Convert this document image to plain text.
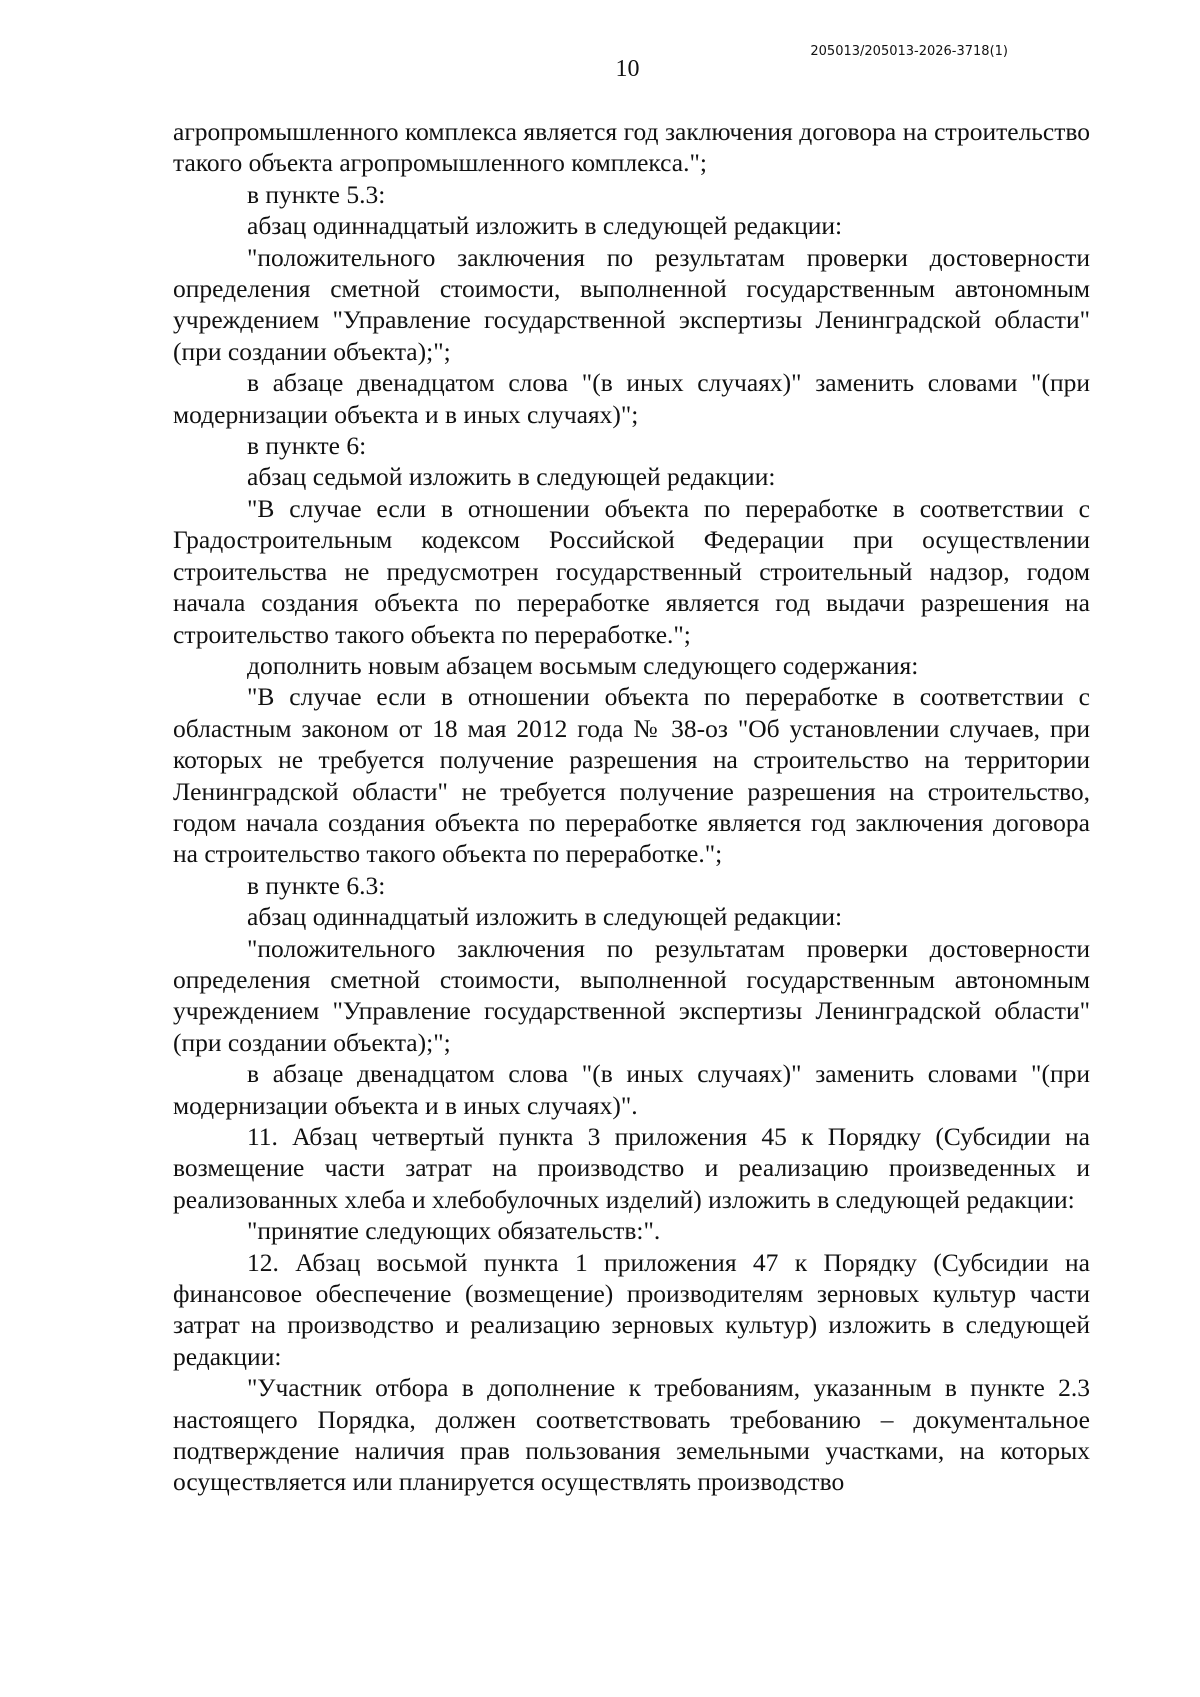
205013/205013-2026-3718(1)
10

агропромышленного комплекса является год заключения договора на строительство такого объекта агропромышленного комплекса.";

в пункте 5.3:

абзац одиннадцатый изложить в следующей редакции:

"положительного заключения по результатам проверки достоверности определения сметной стоимости, выполненной государственным автономным учреждением "Управление государственной экспертизы Ленинградской области" (при создании объекта);";

в абзаце двенадцатом слова "(в иных случаях)" заменить словами "(при модернизации объекта и в иных случаях)";

в пункте 6:

абзац седьмой изложить в следующей редакции:

"В случае если в отношении объекта по переработке в соответствии с Градостроительным кодексом Российской Федерации при осуществлении строительства не предусмотрен государственный строительный надзор, годом начала создания объекта по переработке является год выдачи разрешения на строительство такого объекта по переработке.";

дополнить новым абзацем восьмым следующего содержания:

"В случае если в отношении объекта по переработке в соответствии с областным законом от 18 мая 2012 года № 38-оз "Об установлении случаев, при которых не требуется получение разрешения на строительство на территории Ленинградской области" не требуется получение разрешения на строительство, годом начала создания объекта по переработке является год заключения договора на строительство такого объекта по переработке.";

в пункте 6.3:

абзац одиннадцатый изложить в следующей редакции:

"положительного заключения по результатам проверки достоверности определения сметной стоимости, выполненной государственным автономным учреждением "Управление государственной экспертизы Ленинградской области" (при создании объекта);";

в абзаце двенадцатом слова "(в иных случаях)" заменить словами "(при модернизации объекта и в иных случаях)".

11. Абзац четвертый пункта 3 приложения 45 к Порядку (Субсидии на возмещение части затрат на производство и реализацию произведенных и реализованных хлеба и хлебобулочных изделий) изложить в следующей редакции:

"принятие следующих обязательств:".

12. Абзац восьмой пункта 1 приложения 47 к Порядку (Субсидии на финансовое обеспечение (возмещение) производителям зерновых культур части затрат на производство и реализацию зерновых культур) изложить в следующей редакции:

"Участник отбора в дополнение к требованиям, указанным в пункте 2.3 настоящего Порядка, должен соответствовать требованию – документальное подтверждение наличия прав пользования земельными участками, на которых осуществляется или планируется осуществлять производство
